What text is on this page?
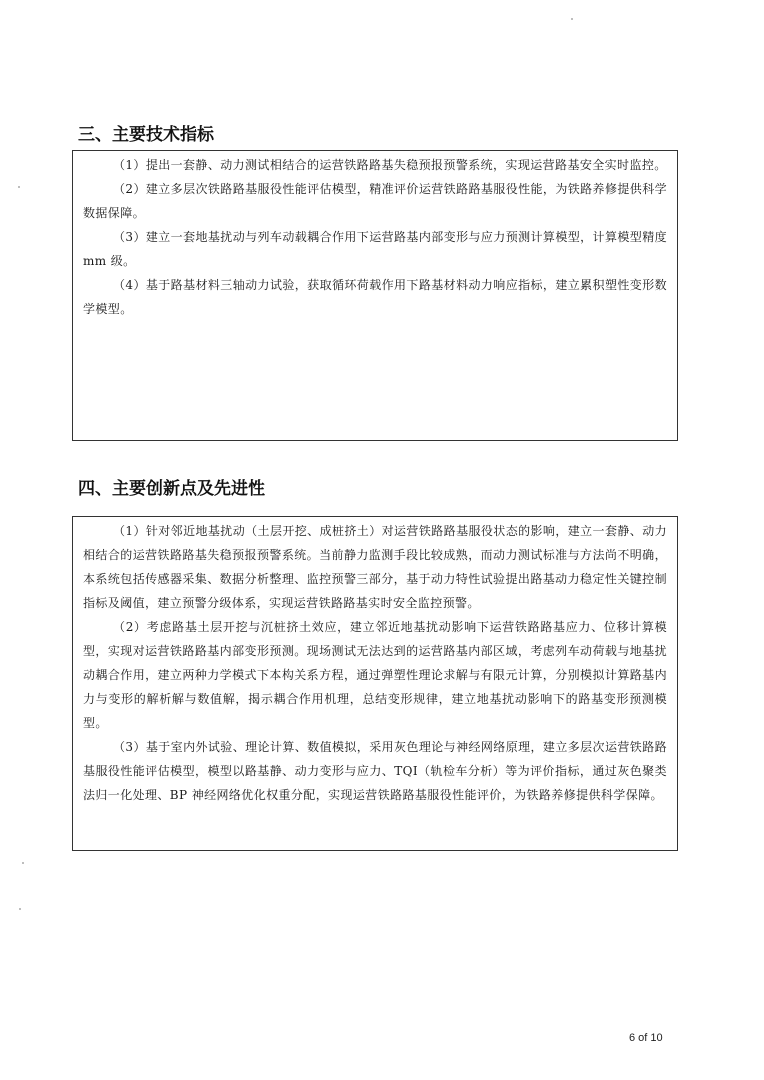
三、主要技术指标

（1）提出一套静、动力测试相结合的运营铁路路基失稳预报预警系统，实现运营路基安全实时监控。

（2）建立多层次铁路路基服役性能评估模型，精准评价运营铁路路基服役性能，为铁路养修提供科学数据保障。

（3）建立一套地基扰动与列车动载耦合作用下运营路基内部变形与应力预测计算模型，计算模型精度mm 级。

（4）基于路基材料三轴动力试验，获取循环荷载作用下路基材料动力响应指标，建立累积塑性变形数学模型。

四、主要创新点及先进性

（1）针对邻近地基扰动（土层开挖、成桩挤土）对运营铁路路基服役状态的影响，建立一套静、动力相结合的运营铁路路基失稳预报预警系统。当前静力监测手段比较成熟，而动力测试标准与方法尚不明确，本系统包括传感器采集、数据分析整理、监控预警三部分，基于动力特性试验提出路基动力稳定性关键控制指标及阈值，建立预警分级体系，实现运营铁路路基实时安全监控预警。

（2）考虑路基土层开挖与沉桩挤土效应，建立邻近地基扰动影响下运营铁路路基应力、位移计算模型，实现对运营铁路路基内部变形预测。现场测试无法达到的运营路基内部区域，考虑列车动荷载与地基扰动耦合作用，建立两种力学模式下本构关系方程，通过弹塑性理论求解与有限元计算，分别模拟计算路基内力与变形的解析解与数值解，揭示耦合作用机理，总结变形规律，建立地基扰动影响下的路基变形预测模型。

（3）基于室内外试验、理论计算、数值模拟，采用灰色理论与神经网络原理，建立多层次运营铁路路基服役性能评估模型，模型以路基静、动力变形与应力、TQI（轨检车分析）等为评价指标，通过灰色聚类法归一化处理、BP 神经网络优化权重分配，实现运营铁路路基服役性能评价，为铁路养修提供科学保障。

6 of 10
